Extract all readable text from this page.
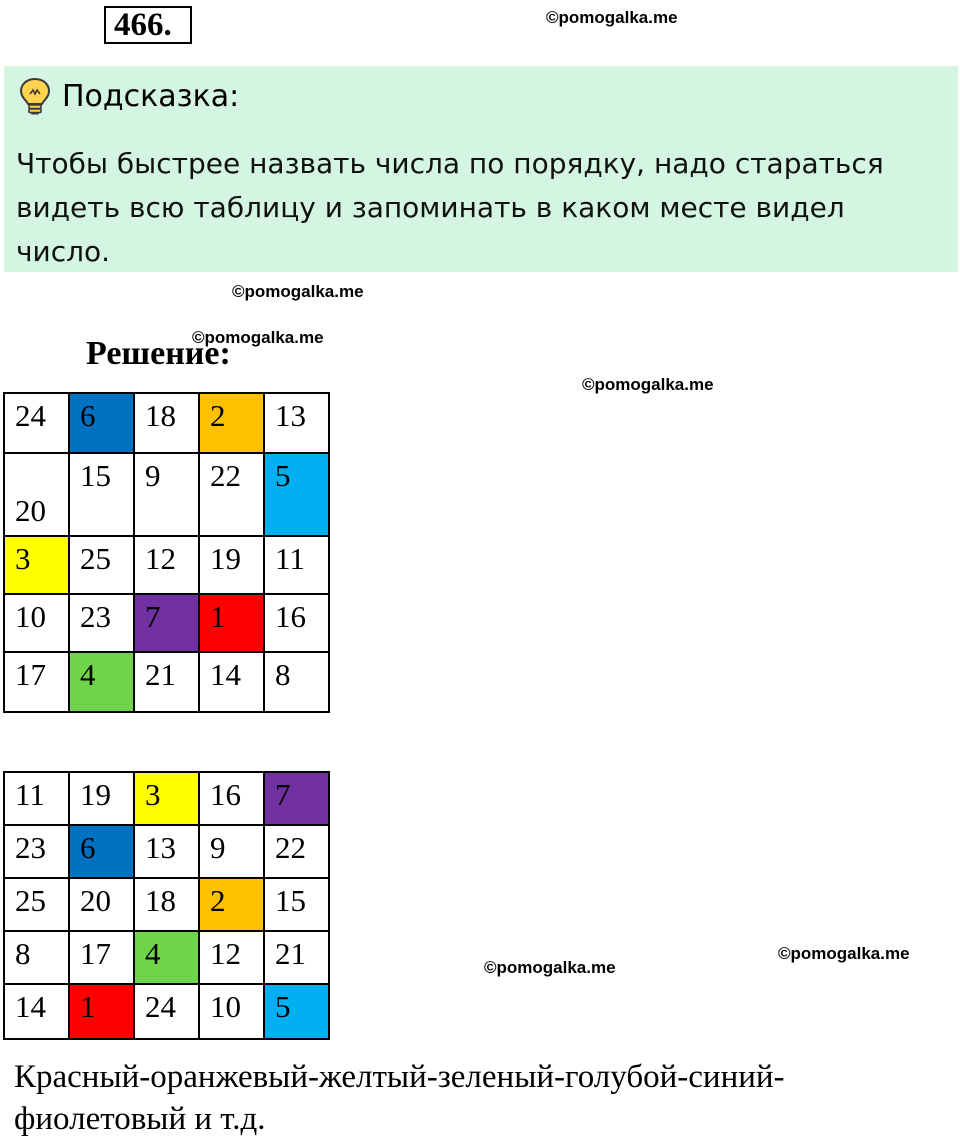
466.	©pomogalka.me
Подсказка:
Чтобы быстрее назвать числа по порядку, надо стараться видеть всю таблицу и запоминать в каком месте видел число.
©pomogalka.me
©pomogalka.me
Решение:
©pomogalka.me
24	6	18	2	13

20	15	9	22	5
3	25	12	19	11
10	23	7	1	16
17	4	21	14	8
11	19	3	16	7
23	6	13	9	22
25	20	18	2	15
8	17	4	12	21
14	1	24	10	5
©pomogalka.me
©pomogalka.me
Красный-оранжевый-желтый-зеленый-голубой-синий-фиолетовый и т.д.
